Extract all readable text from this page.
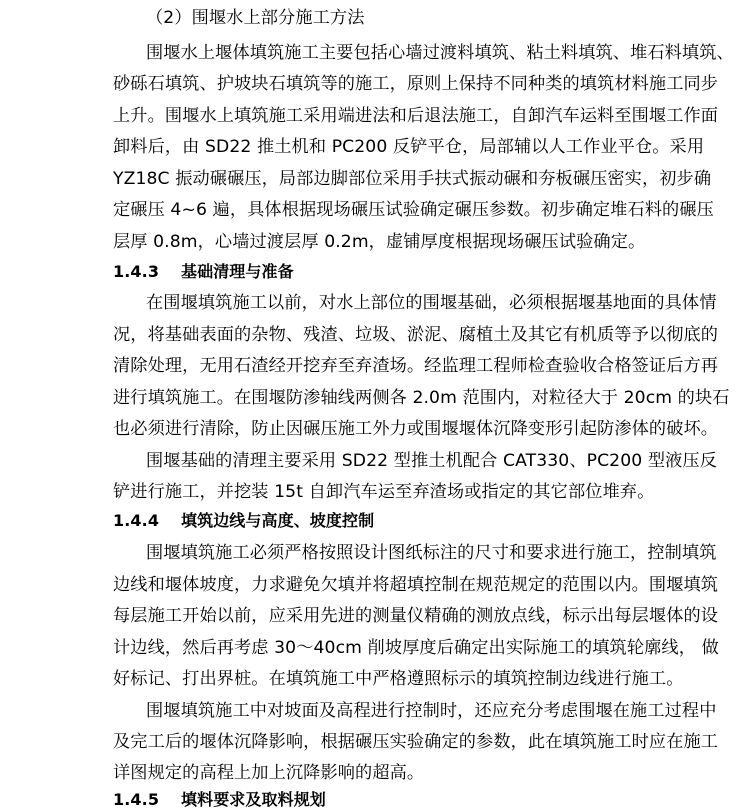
（2）围堰水上部分施工方法
围堰水上堰体填筑施工主要包括心墙过渡料填筑、粘土料填筑、堆石料填筑、
砂砾石填筑、护坡块石填筑等的施工，原则上保持不同种类的填筑材料施工同步
上升。围堰水上填筑施工采用端进法和后退法施工，自卸汽车运料至围堰工作面
卸料后，由 SD22 推土机和 PC200 反铲平仓，局部辅以人工作业平仓。采用
YZ18C 振动碾碾压，局部边脚部位采用手扶式振动碾和夯板碾压密实，初步确
定碾压 4~6 遍，具体根据现场碾压试验确定碾压参数。初步确定堆石料的碾压
层厚 0.8m，心墙过渡层厚 0.2m，虚铺厚度根据现场碾压试验确定。
1.4.3 基础清理与准备
在围堰填筑施工以前，对水上部位的围堰基础，必须根据堰基地面的具体情
况，将基础表面的杂物、残渣、垃圾、淤泥、腐植土及其它有机质等予以彻底的
清除处理，无用石渣经开挖弃至弃渣场。经监理工程师检查验收合格签证后方再
进行填筑施工。在围堰防渗轴线两侧各 2.0m 范围内，对粒径大于 20cm 的块石
也必须进行清除，防止因碾压施工外力或围堰堰体沉降变形引起防渗体的破坏。
围堰基础的清理主要采用 SD22 型推土机配合 CAT330、PC200 型液压反
铲进行施工，并挖装 15t 自卸汽车运至弃渣场或指定的其它部位堆弃。
1.4.4 填筑边线与高度、坡度控制
围堰填筑施工必须严格按照设计图纸标注的尺寸和要求进行施工，控制填筑
边线和堰体坡度，力求避免欠填并将超填控制在规范规定的范围以内。围堰填筑
每层施工开始以前，应采用先进的测量仪精确的测放点线，标示出每层堰体的设
计边线，然后再考虑 30～40cm 削坡厚度后确定出实际施工的填筑轮廓线， 做
好标记、打出界桩。在填筑施工中严格遵照标示的填筑控制边线进行施工。
围堰填筑施工中对坡面及高程进行控制时，还应充分考虑围堰在施工过程中
及完工后的堰体沉降影响，根据碾压实验确定的参数，此在填筑施工时应在施工
详图规定的高程上加上沉降影响的超高。
1.4.5 填料要求及取料规划
